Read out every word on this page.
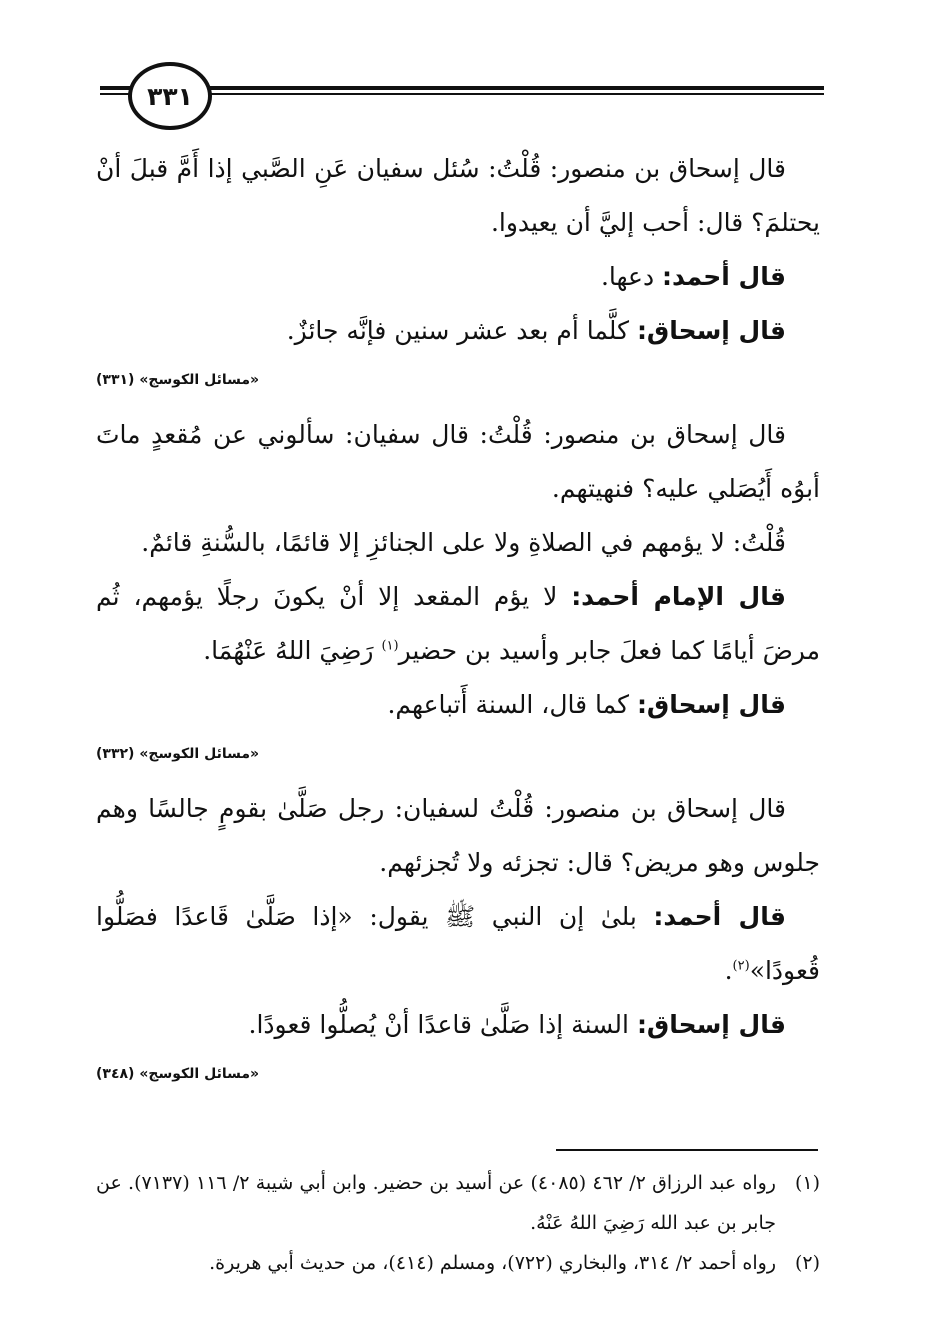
٣٣١

قال إسحاق بن منصور: قُلْتُ: سُئل سفيان عَنِ الصَّبي إذا أَمَّ قبلَ أنْ يحتلمَ؟ قال: أحب إليَّ أن يعيدوا.

قال أحمد: دعها.

قال إسحاق: كلَّما أم بعد عشر سنين فإنَّه جائزٌ.

«مسائل الكوسج» (٣٣١)

قال إسحاق بن منصور: قُلْتُ: قال سفيان: سألوني عن مُقعدٍ ماتَ أبوُه أَيُصَلي عليه؟ فنهيتهم.

قُلْتُ: لا يؤمهم في الصلاةِ ولا على الجنائزِ إلا قائمًا، بالسُّنةِ قائمٌ.

قال الإمام أحمد: لا يؤم المقعد إلا أنْ يكونَ رجلًا يؤمهم، ثُم مرضَ أيامًا كما فعلَ جابر وأسيد بن حضير$^{(١)}$ رَضِيَ اللهُ عَنْهُمَا.

قال إسحاق: كما قال، السنة أَتباعهم.

«مسائل الكوسج» (٣٣٢)

قال إسحاق بن منصور: قُلْتُ لسفيان: رجل صَلَّىٰ بقومٍ جالسًا وهم جلوس وهو مريض؟ قال: تجزئه ولا تُجزئهم.

قال أحمد: بلىٰ إن النبي ﷺ يقول: «إذا صَلَّىٰ قَاعدًا فصَلُّوا قُعودًا»$^{(٢)}$.

قال إسحاق: السنة إذا صَلَّىٰ قاعدًا أنْ يُصلُّوا قعودًا.

«مسائل الكوسج» (٣٤٨)

(١)
رواه عبد الرزاق ٢/ ٤٦٢ (٤٠٨٥) عن أسيد بن حضير. وابن أبي شيبة ٢/ ١١٦ (٧١٣٧). عن جابر بن عبد الله رَضِيَ اللهُ عَنْهُ.

(٢)
رواه أحمد ٢/ ٣١٤، والبخاري (٧٢٢)، ومسلم (٤١٤)، من حديث أبي هريرة.
